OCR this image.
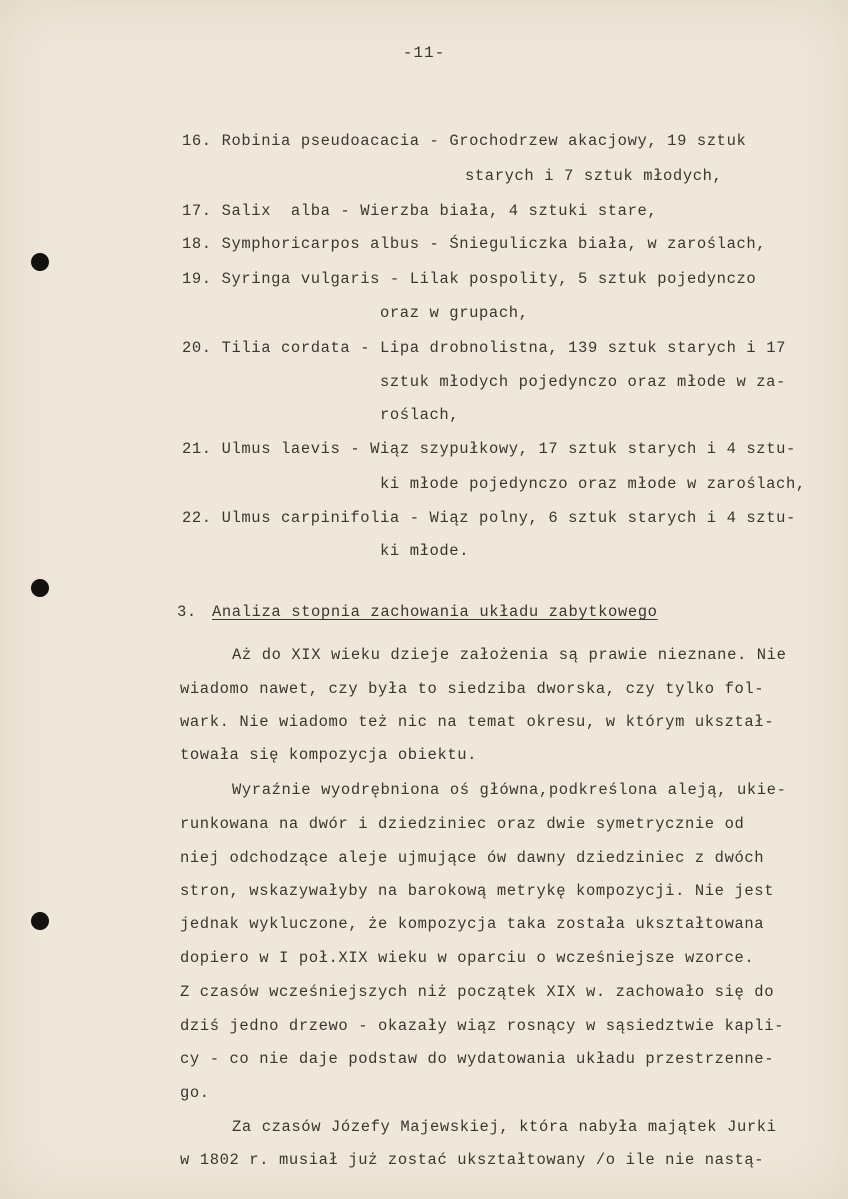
-11-
16. Robinia pseudoacacia - Grochodrzew akacjowy, 19 sztuk
starych i 7 sztuk młodych,
17. Salix  alba - Wierzba biała, 4 sztuki stare,
18. Symphoricarpos albus - Śnieguliczka biała, w zaroślach,
19. Syringa vulgaris - Lilak pospolity, 5 sztuk pojedynczo
oraz w grupach,
20. Tilia cordata - Lipa drobnolistna, 139 sztuk starych i 17
sztuk młodych pojedynczo oraz młode w za-
roślach,
21. Ulmus laevis - Wiąz szypułkowy, 17 sztuk starych i 4 sztu-
ki młode pojedynczo oraz młode w zaroślach,
22. Ulmus carpinifolia - Wiąz polny, 6 sztuk starych i 4 sztu-
ki młode.
3. Analiza stopnia zachowania układu zabytkowego
Aż do XIX wieku dzieje założenia są prawie nieznane. Nie
wiadomo nawet, czy była to siedziba dworska, czy tylko fol-
wark. Nie wiadomo też nic na temat okresu, w którym ukształ-
towała się kompozycja obiektu.
Wyraźnie wyodrębniona oś główna,podkreślona aleją, ukie-
runkowana na dwór i dziedziniec oraz dwie symetrycznie od
niej odchodzące aleje ujmujące ów dawny dziedziniec z dwóch
stron, wskazywałyby na barokową metrykę kompozycji. Nie jest
jednak wykluczone, że kompozycja taka została ukształtowana
dopiero w I poł.XIX wieku w oparciu o wcześniejsze wzorce.
Z czasów wcześniejszych niż początek XIX w. zachowało się do
dziś jedno drzewo - okazały wiąz rosnący w sąsiedztwie kapli-
cy - co nie daje podstaw do wydatowania układu przestrzenne-
go.
Za czasów Józefy Majewskiej, która nabyła majątek Jurki
w 1802 r. musiał już zostać ukształtowany /o ile nie nastą-
